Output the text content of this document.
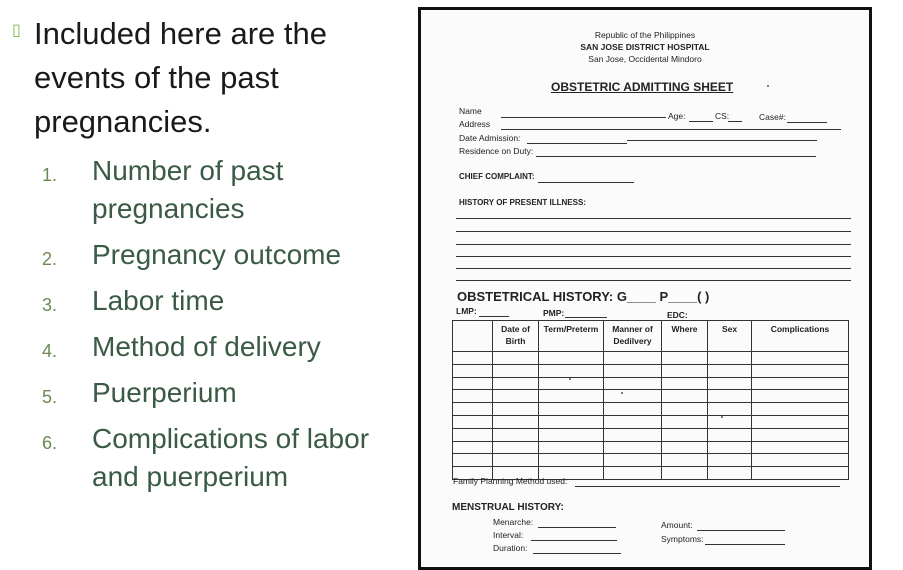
▯ Included here are the events of the past pregnancies.
1. Number of past pregnancies
2. Pregnancy outcome
3. Labor time
4. Method of delivery
5. Puerperium
6. Complications of labor and puerperium
Republic of the Philippines
SAN JOSE DISTRICT HOSPITAL
San Jose, Occidental Mindoro
OBSTETRIC ADMITTING SHEET
Name	Age:	CS:	Case#:
Address
Date Admission:
Residence on Duty:
CHIEF COMPLAINT:
HISTORY OF PRESENT ILLNESS:
OBSTETRICAL HISTORY: G____ P____( )
LMP:	PMP:	EDC:
	Date of Birth	Term/Preterm	Manner of Dedilvery	Where	Sex	Complications

Family Planning Method used:
MENSTRUAL HISTORY:
Menarche:
Interval:
Duration:
Amount:
Symptoms:
